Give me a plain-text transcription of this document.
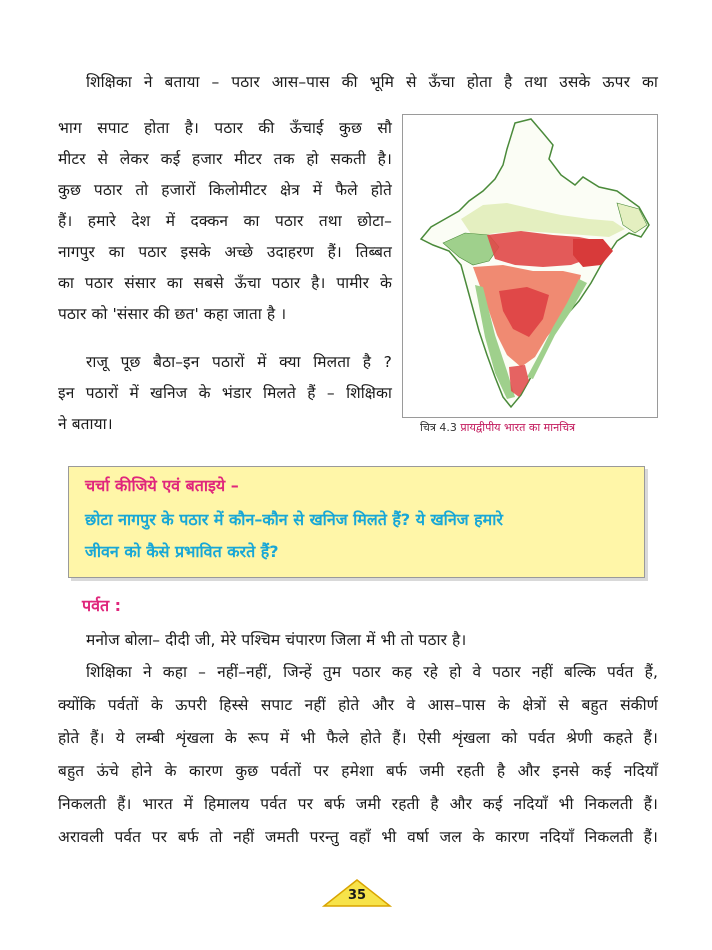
शिक्षिका ने बताया – पठार आस–पास की भूमि से ऊँचा होता है तथा उसके ऊपर का
भाग सपाट होता है। पठार की ऊँचाई कुछ सौ
मीटर से लेकर कई हजार मीटर तक हो सकती है।
कुछ पठार तो हजारों किलोमीटर क्षेत्र में फैले होते
हैं। हमारे देश में दक्कन का पठार तथा छोटा–
नागपुर का पठार इसके अच्छे उदाहरण हैं। तिब्बत
का पठार संसार का सबसे ऊँचा पठार है। पामीर के
पठार को 'संसार की छत' कहा जाता है ।
राजू पूछ बैठा–इन पठारों में क्या मिलता है ?
इन पठारों में खनिज के भंडार मिलते हैं – शिक्षिका
ने बताया।	चित्र 4.3 प्रायद्वीपीय भारत का मानचित्र
चर्चा कीजिये एवं बताइये –
छोटा नागपुर के पठार में कौन–कौन से खनिज मिलते हैं? ये खनिज हमारे
जीवन को कैसे प्रभावित करते हैं?
पर्वत :
मनोज बोला– दीदी जी, मेरे पश्चिम चंपारण जिला में भी तो पठार है।
शिक्षिका ने कहा – नहीं–नहीं, जिन्हें तुम पठार कह रहे हो वे पठार नहीं बल्कि पर्वत हैं,
क्योंकि पर्वतों के ऊपरी हिस्से सपाट नहीं होते और वे आस–पास के क्षेत्रों से बहुत संकीर्ण
होते हैं। ये लम्बी शृंखला के रूप में भी फैले होते हैं। ऐसी शृंखला को पर्वत श्रेणी कहते हैं।
बहुत ऊंचे होने के कारण कुछ पर्वतों पर हमेशा बर्फ जमी रहती है और इनसे कई नदियाँ
निकलती हैं। भारत में हिमालय पर्वत पर बर्फ जमी रहती है और कई नदियाँ भी निकलती हैं।
अरावली पर्वत पर बर्फ तो नहीं जमती परन्तु वहाँ भी वर्षा जल के कारण नदियाँ निकलती हैं।
35
